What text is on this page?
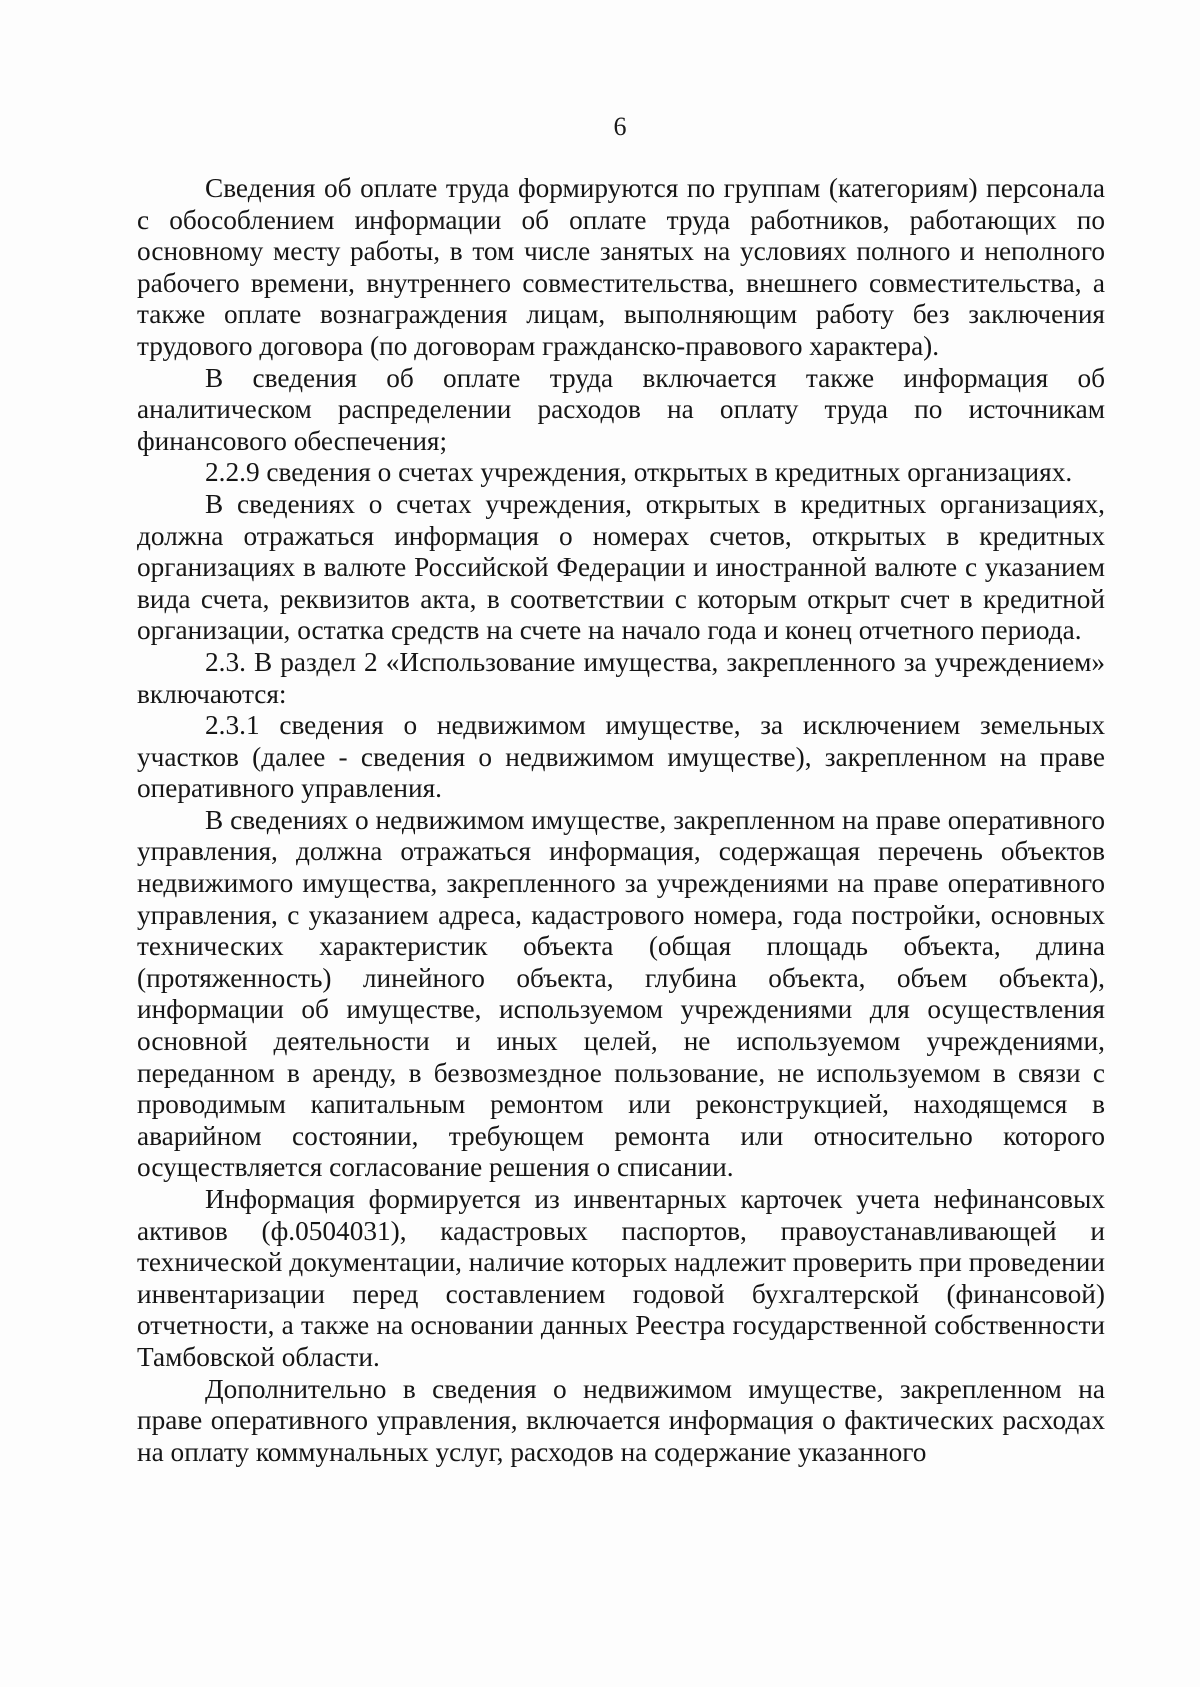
6

Сведения об оплате труда формируются по группам (категориям) персонала с обособлением информации об оплате труда работников, работающих по основному месту работы, в том числе занятых на условиях полного и неполного рабочего времени, внутреннего совместительства, внешнего совместительства, а также оплате вознаграждения лицам, выполняющим работу без заключения трудового договора (по договорам гражданско-правового характера).

В сведения об оплате труда включается также информация об аналитическом распределении расходов на оплату труда по источникам финансового обеспечения;

2.2.9 сведения о счетах учреждения, открытых в кредитных организациях.

В сведениях о счетах учреждения, открытых в кредитных организациях, должна отражаться информация о номерах счетов, открытых в кредитных организациях в валюте Российской Федерации и иностранной валюте с указанием вида счета, реквизитов акта, в соответствии с которым открыт счет в кредитной организации, остатка средств на счете на начало года и конец отчетного периода.

2.3. В раздел 2 «Использование имущества, закрепленного за учреждением» включаются:

2.3.1 сведения о недвижимом имуществе, за исключением земельных участков (далее - сведения о недвижимом имуществе), закрепленном на праве оперативного управления.

В сведениях о недвижимом имуществе, закрепленном на праве оперативного управления, должна отражаться информация, содержащая перечень объектов недвижимого имущества, закрепленного за учреждениями на праве оперативного управления, с указанием адреса, кадастрового номера, года постройки, основных технических характеристик объекта (общая площадь объекта, длина (протяженность) линейного объекта, глубина объекта, объем объекта), информации об имуществе, используемом учреждениями для осуществления основной деятельности и иных целей, не используемом учреждениями, переданном в аренду, в безвозмездное пользование, не используемом в связи с проводимым капитальным ремонтом или реконструкцией, находящемся в аварийном состоянии, требующем ремонта или относительно которого осуществляется согласование решения о списании.

Информация формируется из инвентарных карточек учета нефинансовых активов (ф.0504031), кадастровых паспортов, правоустанавливающей и технической документации, наличие которых надлежит проверить при проведении инвентаризации перед составлением годовой бухгалтерской (финансовой) отчетности, а также на основании данных Реестра государственной собственности Тамбовской области.

Дополнительно в сведения о недвижимом имуществе, закрепленном на праве оперативного управления, включается информация о фактических расходах на оплату коммунальных услуг, расходов на содержание указанного
